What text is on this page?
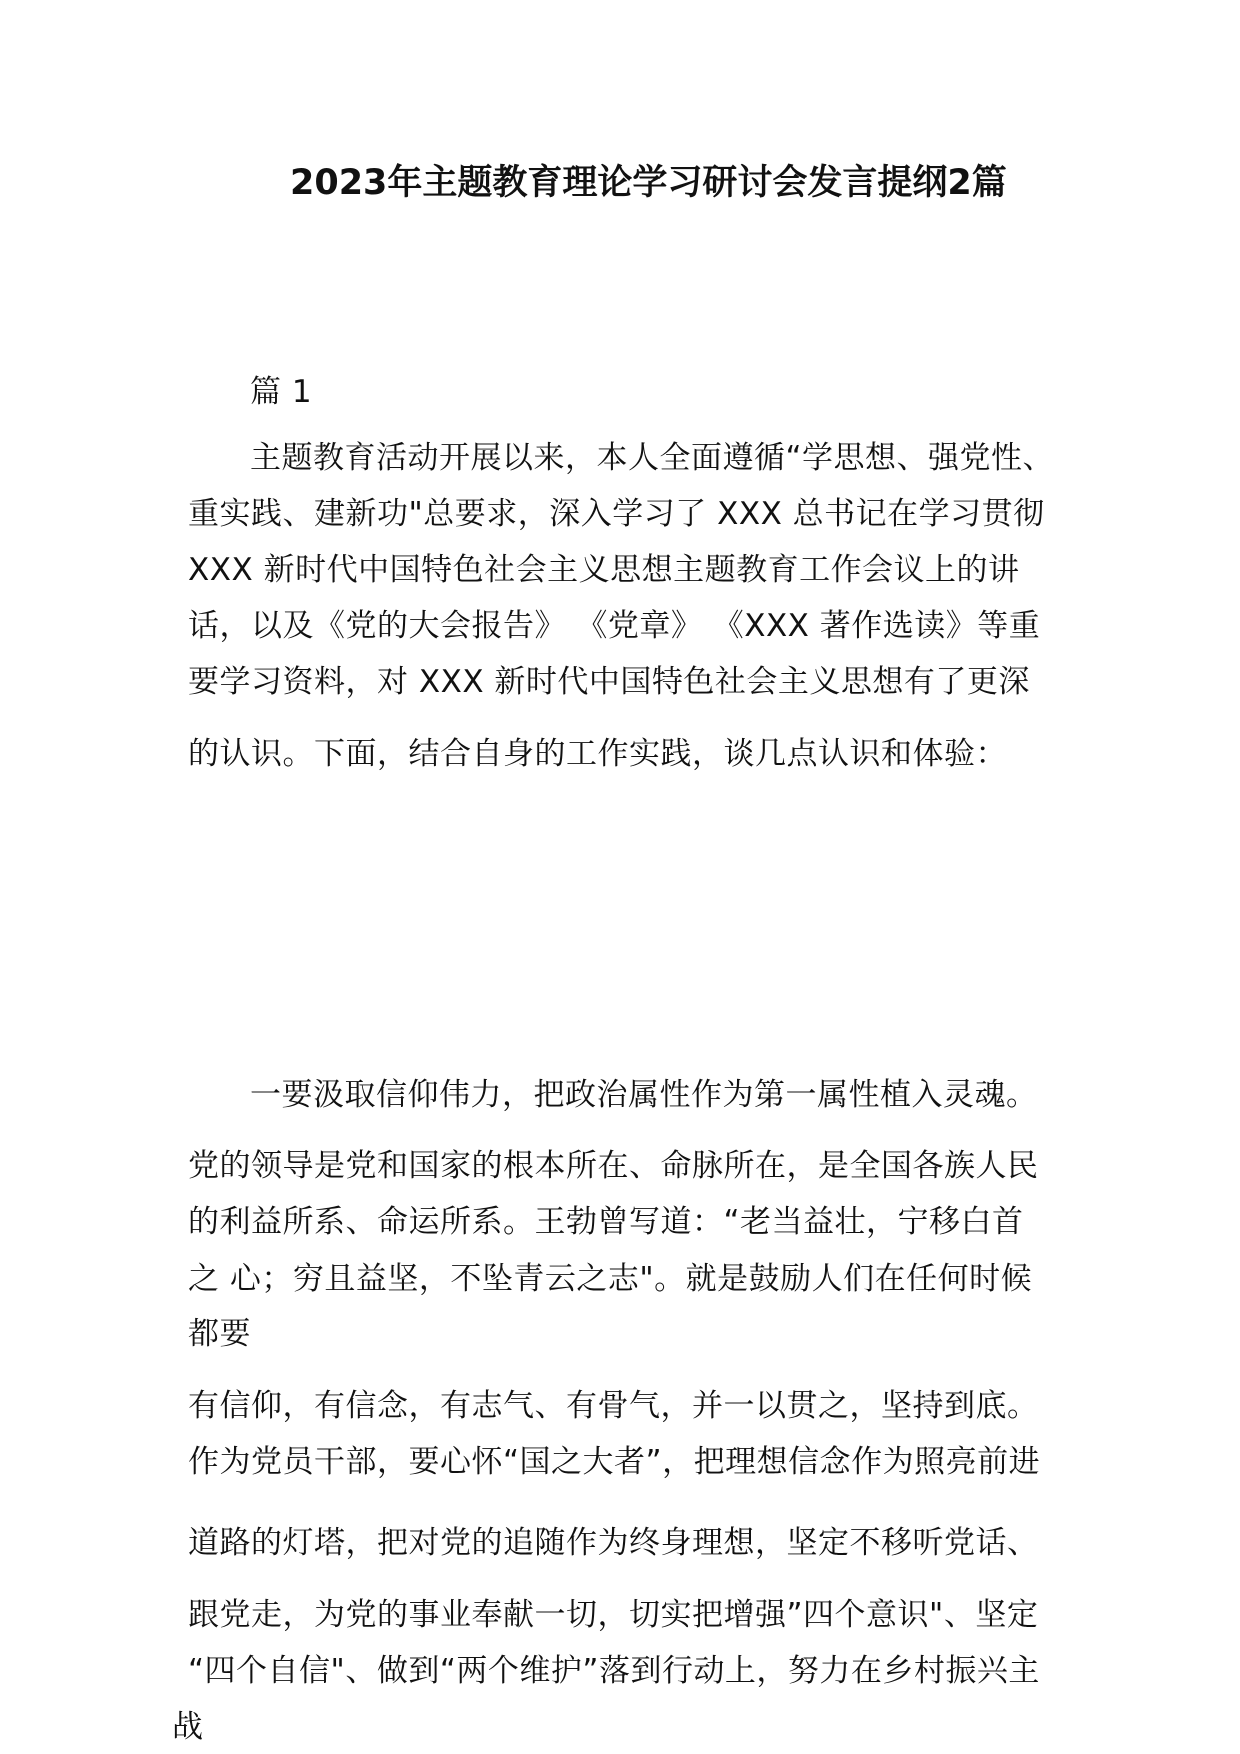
2023年主题教育理论学习研讨会发言提纲2篇
篇 1
主题教育活动开展以来，本人全面遵循“学思想、强党性、
重实践、建新功"总要求，深入学习了 XXX 总书记在学习贯彻
XXX 新时代中国特色社会主义思想主题教育工作会议上的讲
话，以及《党的大会报告》 《党章》 《XXX 著作选读》等重
要学习资料，对 XXX 新时代中国特色社会主义思想有了更深
的认识。下面，结合自身的工作实践，谈几点认识和体验：
一要汲取信仰伟力，把政治属性作为第一属性植入灵魂。
党的领导是党和国家的根本所在、命脉所在，是全国各族人民
的利益所系、命运所系。王勃曾写道：“老当益壮，宁移白首
之 心；穷且益坚，不坠青云之志"。就是鼓励人们在任何时候
都要
有信仰，有信念，有志气、有骨气，并一以贯之，坚持到底。
作为党员干部，要心怀“国之大者”，把理想信念作为照亮前进
道路的灯塔，把对党的追随作为终身理想，坚定不移听党话、
跟党走，为党的事业奉献一切，切实把增强”四个意识"、坚定
“四个自信"、做到“两个维护”落到行动上，努力在乡村振兴主
战
